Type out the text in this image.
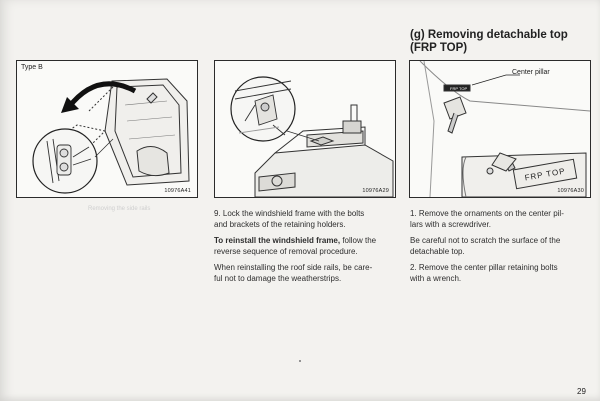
Type B
10976A41
Removing the side rails
10976A29
(g) Removing detachable top
(FRP TOP)
FRP TOP
Center pillar
FRP TOP
10976A30

9. Lock the windshield frame with the bolts
and brackets of the retaining holders.

To reinstall the windshield frame, follow the
reverse sequence of removal procedure.

When reinstalling the roof side rails, be care-
ful not to damage the weatherstrips.

1. Remove the ornaments on the center pil-
lars with a screwdriver.

Be careful not to scratch the surface of the
detachable top.

2. Remove the center pillar retaining bolts
with a wrench.

29
